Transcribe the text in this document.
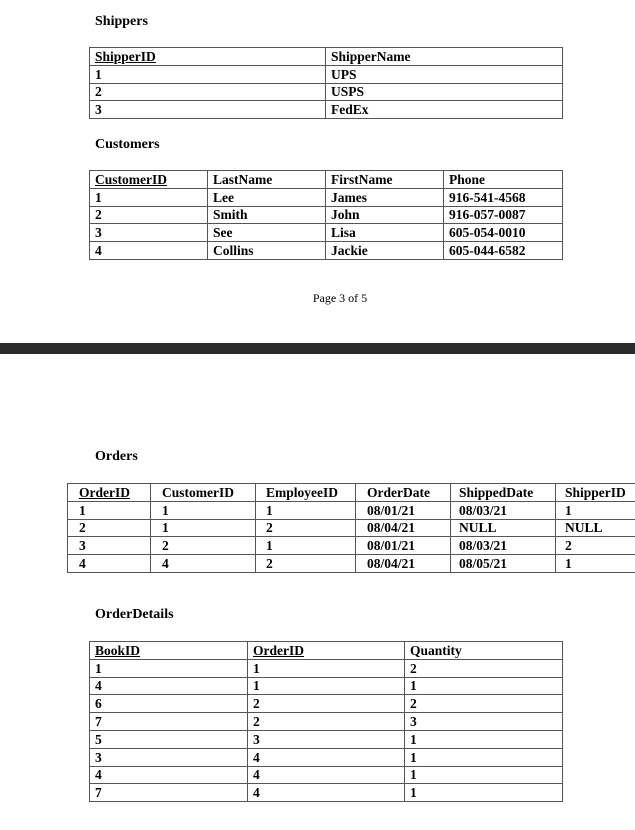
Shippers
ShipperID	ShipperName
1	UPS
2	USPS
3	FedEx
Customers
CustomerID	LastName	FirstName	Phone
1	Lee	James	916-541-4568
2	Smith	John	916-057-0087
3	See	Lisa	605-054-0010
4	Collins	Jackie	605-044-6582
Page 3 of 5
Orders
OrderID	CustomerID	EmployeeID	OrderDate	ShippedDate	ShipperID
1	1	1	08/01/21	08/03/21	1
2	1	2	08/04/21	NULL	NULL
3	2	1	08/01/21	08/03/21	2
4	4	2	08/04/21	08/05/21	1
OrderDetails
BookID	OrderID	Quantity
1	1	2
4	1	1
6	2	2
7	2	3
5	3	1
3	4	1
4	4	1
7	4	1
